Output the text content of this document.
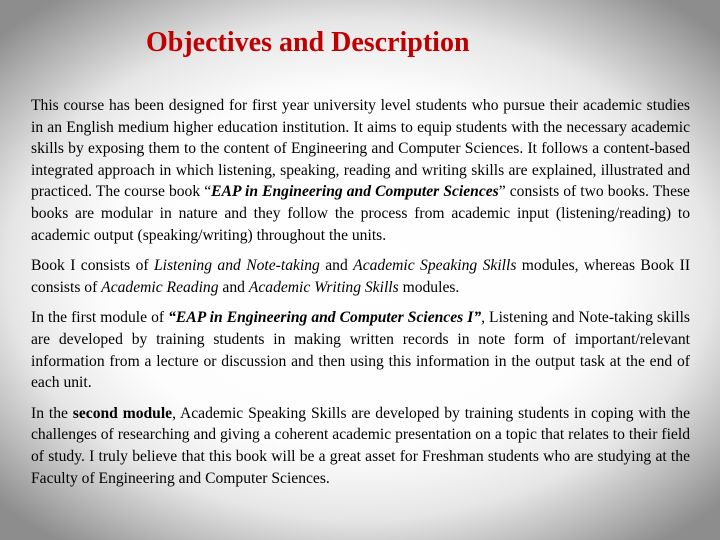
Objectives and Description

This course has been designed for first year university level students who pursue their academic studies in an English medium higher education institution. It aims to equip students with the necessary academic skills by exposing them to the content of Engineering and Computer Sciences. It follows a content-based integrated approach in which listening, speaking, reading and writing skills are explained, illustrated and practiced. The course book “EAP in Engineering and Computer Sciences” consists of two books. These books are modular in nature and they follow the process from academic input (listening/reading) to academic output (speaking/writing) throughout the units.

Book I consists of Listening and Note-taking and Academic Speaking Skills modules, whereas Book II consists of Academic Reading and Academic Writing Skills modules.

In the first module of “EAP in Engineering and Computer Sciences I”, Listening and Note-taking skills are developed by training students in making written records in note form of important/relevant information from a lecture or discussion and then using this information in the output task at the end of each unit.

In the second module, Academic Speaking Skills are developed by training students in coping with the challenges of researching and giving a coherent academic presentation on a topic that relates to their field of study. I truly believe that this book will be a great asset for Freshman students who are studying at the Faculty of Engineering and Computer Sciences.
